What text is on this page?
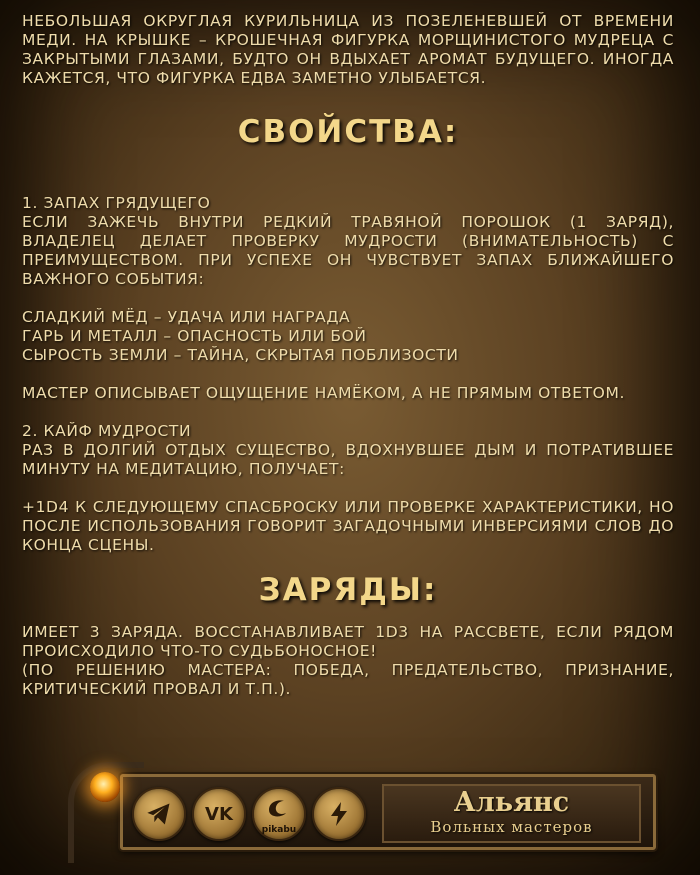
НЕБОЛЬШАЯ ОКРУГЛАЯ КУРИЛЬНИЦА ИЗ ПОЗЕЛЕНЕВШЕЙ ОТ ВРЕМЕНИ МЕДИ. НА КРЫШКЕ – КРОШЕЧНАЯ ФИГУРКА МОРЩИНИСТОГО МУДРЕЦА С ЗАКРЫТЫМИ ГЛАЗАМИ, БУДТО ОН ВДЫХАЕТ АРОМАТ БУДУЩЕГО. ИНОГДА КАЖЕТСЯ, ЧТО ФИГУРКА ЕДВА ЗАМЕТНО УЛЫБАЕТСЯ.

СВОЙСТВА:

1. ЗАПАХ ГРЯДУЩЕГО

ЕСЛИ ЗАЖЕЧЬ ВНУТРИ РЕДКИЙ ТРАВЯНОЙ ПОРОШОК (1 ЗАРЯД), ВЛАДЕЛЕЦ ДЕЛАЕТ ПРОВЕРКУ МУДРОСТИ (ВНИМАТЕЛЬНОСТЬ) С ПРЕИМУЩЕСТВОМ. ПРИ УСПЕХЕ ОН ЧУВСТВУЕТ ЗАПАХ БЛИЖАЙШЕГО ВАЖНОГО СОБЫТИЯ:

СЛАДКИЙ МЁД – УДАЧА ИЛИ НАГРАДА

ГАРЬ И МЕТАЛЛ – ОПАСНОСТЬ ИЛИ БОЙ

СЫРОСТЬ ЗЕМЛИ – ТАЙНА, СКРЫТАЯ ПОБЛИЗОСТИ

МАСТЕР ОПИСЫВАЕТ ОЩУЩЕНИЕ НАМЁКОМ, А НЕ ПРЯМЫМ ОТВЕТОМ.

2. КАЙФ МУДРОСТИ

РАЗ В ДОЛГИЙ ОТДЫХ СУЩЕСТВО, ВДОХНУВШЕЕ ДЫМ И ПОТРАТИВШЕЕ МИНУТУ НА МЕДИТАЦИЮ, ПОЛУЧАЕТ:

+1D4 К СЛЕДУЮЩЕМУ СПАСБРОСКУ ИЛИ ПРОВЕРКЕ ХАРАКТЕРИСТИКИ, НО ПОСЛЕ ИСПОЛЬЗОВАНИЯ ГОВОРИТ ЗАГАДОЧНЫМИ ИНВЕРСИЯМИ СЛОВ ДО КОНЦА СЦЕНЫ.

ЗАРЯДЫ:

ИМЕЕТ 3 ЗАРЯДА. ВОССТАНАВЛИВАЕТ 1D3 НА РАССВЕТЕ, ЕСЛИ РЯДОМ ПРОИСХОДИЛО ЧТО-ТО СУДЬБОНОСНОЕ!

(ПО РЕШЕНИЮ МАСТЕРА: ПОБЕДА, ПРЕДАТЕЛЬСТВО, ПРИЗНАНИЕ, КРИТИЧЕСКИЙ ПРОВАЛ И Т.П.).

VK
pikabu
Альянс
Вольных мастеров
